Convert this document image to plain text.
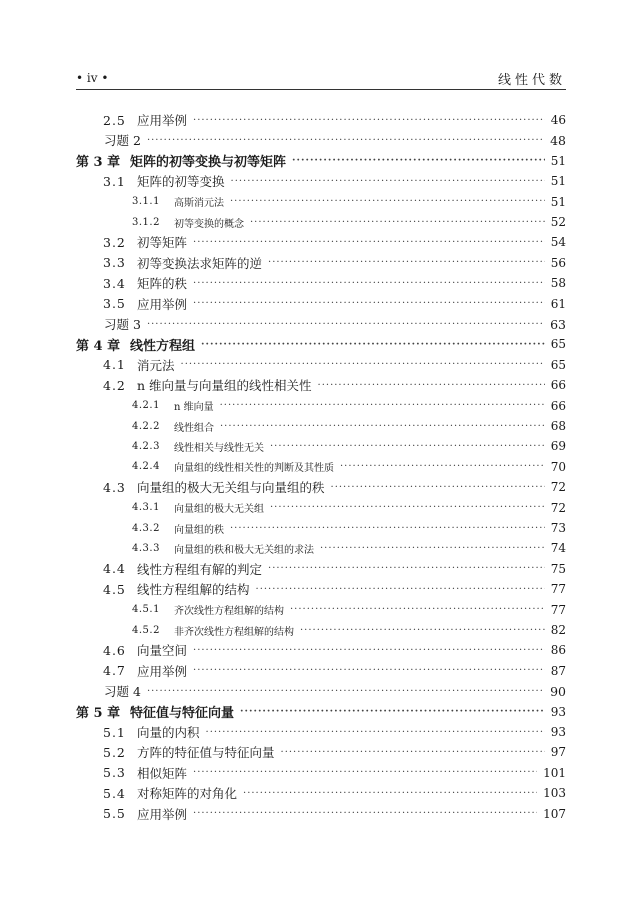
• iv •	线性代数
2.5 应用举例 ·····	46
习题 2 ·····	48
第 3 章 矩阵的初等变换与初等矩阵 ·····	51
3.1 矩阵的初等变换 ·····	51
3.1.1	高斯消元法 ·····	51
3.1.2	初等变换的概念 ·····	52
3.2 初等矩阵 ·····	54
3.3 初等变换法求矩阵的逆 ·····	56
3.4 矩阵的秩 ·····	58
3.5 应用举例 ·····	61
习题 3 ·····	63
第 4 章 线性方程组 ·····	65
4.1 消元法 ·····	65
4.2 n 维向量与向量组的线性相关性 ·····	66
4.2.1	n 维向量 ·····	66
4.2.2	线性组合 ·····	68
4.2.3	线性相关与线性无关 ·····	69
4.2.4	向量组的线性相关性的判断及其性质 ·····	70
4.3 向量组的极大无关组与向量组的秩 ·····	72
4.3.1	向量组的极大无关组 ·····	72
4.3.2	向量组的秩 ·····	73
4.3.3	向量组的秩和极大无关组的求法 ·····	74
4.4 线性方程组有解的判定 ·····	75
4.5 线性方程组解的结构 ·····	77
4.5.1	齐次线性方程组解的结构 ·····	77
4.5.2	非齐次线性方程组解的结构 ·····	82
4.6 向量空间 ·····	86
4.7 应用举例 ·····	87
习题 4 ·····	90
第 5 章 特征值与特征向量 ·····	93
5.1 向量的内积 ·····	93
5.2 方阵的特征值与特征向量 ·····	97
5.3 相似矩阵 ·····	101
5.4 对称矩阵的对角化 ·····	103
5.5 应用举例 ·····	107
